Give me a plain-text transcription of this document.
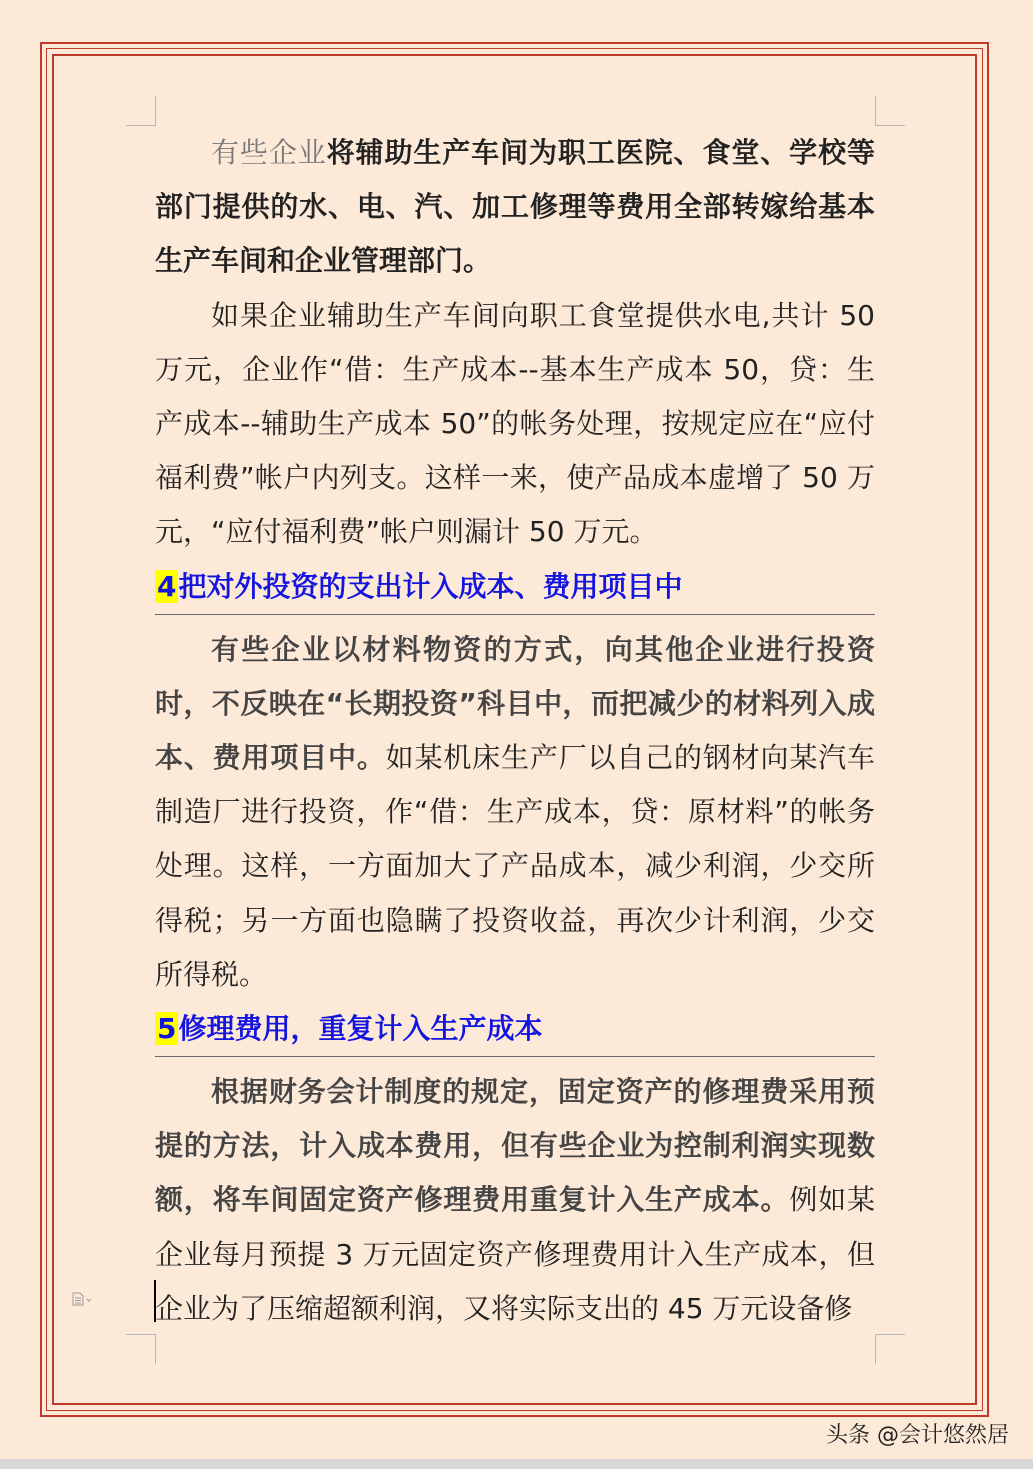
有些企业将辅助生产车间为职工医院、食堂、学校等部门提供的水、电、汽、加工修理等费用全部转嫁给基本生产车间和企业管理部门。

如果企业辅助生产车间向职工食堂提供水电,共计 50 万元，企业作“借：生产成本--基本生产成本 50，贷：生产成本--辅助生产成本 50”的帐务处理，按规定应在“应付福利费”帐户内列支。这样一来，使产品成本虚增了 50 万元，“应付福利费”帐户则漏计 50 万元。

4把对外投资的支出计入成本、费用项目中

有些企业以材料物资的方式，向其他企业进行投资时，不反映在“长期投资”科目中，而把减少的材料列入成本、费用项目中。如某机床生产厂以自己的钢材向某汽车制造厂进行投资，作“借：生产成本，贷：原材料”的帐务处理。这样，一方面加大了产品成本，减少利润，少交所得税；另一方面也隐瞒了投资收益，再次少计利润，少交所得税。

5修理费用，重复计入生产成本

根据财务会计制度的规定，固定资产的修理费采用预提的方法，计入成本费用，但有些企业为控制利润实现数额，将车间固定资产修理费用重复计入生产成本。例如某企业每月预提 3 万元固定资产修理费用计入生产成本，但企业为了压缩超额利润，又将实际支出的 45 万元设备修

头条 @会计悠然居
